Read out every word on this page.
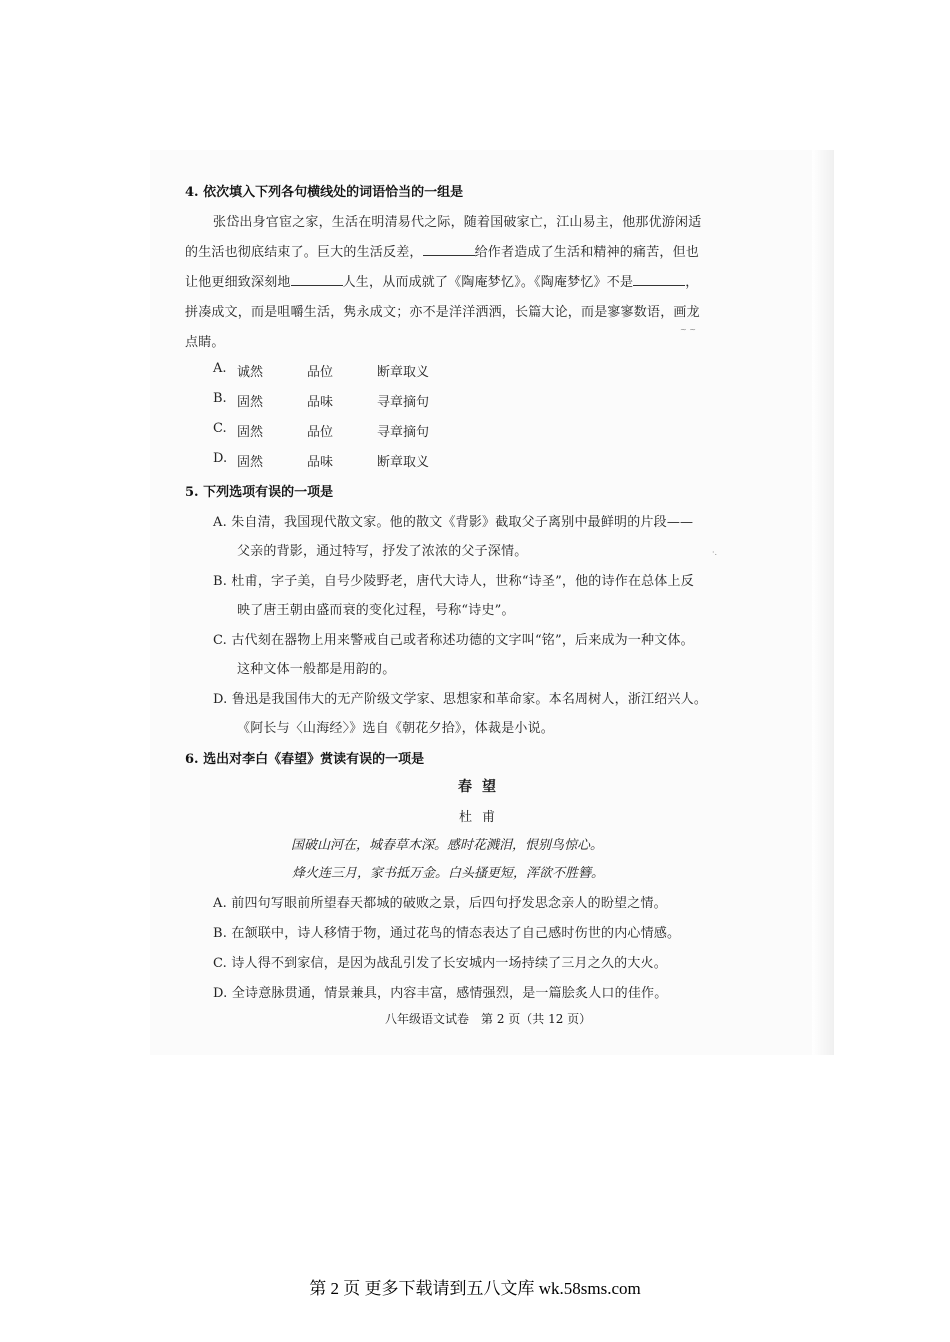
4. 依次填入下列各句横线处的词语恰当的一组是
张岱出身官宦之家，生活在明清易代之际，随着国破家亡，江山易主，他那优游闲适
的生活也彻底结束了。巨大的生活反差，	给作者造成了生活和精神的痛苦，但也
让他更细致深刻地	人生，从而成就了《陶庵梦忆》。《陶庵梦忆》不是	，
拼凑成文，而是咀嚼生活，隽永成文；亦不是洋洋洒洒，长篇大论，而是寥寥数语，画龙
点睛。
A. 诚然	品位	断章取义
B. 固然	品味	寻章摘句
C. 固然	品位	寻章摘句
D. 固然	品味	断章取义
5. 下列选项有误的一项是
A. 朱自清，我国现代散文家。他的散文《背影》截取父子离别中最鲜明的片段——
父亲的背影，通过特写，抒发了浓浓的父子深情。
B. 杜甫，字子美，自号少陵野老，唐代大诗人，世称“诗圣”，他的诗作在总体上反
映了唐王朝由盛而衰的变化过程，号称“诗史”。
C. 古代刻在器物上用来警戒自己或者称述功德的文字叫“铭”，后来成为一种文体。
这种文体一般都是用韵的。
D. 鲁迅是我国伟大的无产阶级文学家、思想家和革命家。本名周树人，浙江绍兴人。
《阿长与〈山海经〉》选自《朝花夕拾》，体裁是小说。
6. 选出对李白《春望》赏读有误的一项是
春望
杜甫
国破山河在，城春草木深。感时花溅泪，恨别鸟惊心。
烽火连三月，家书抵万金。白头搔更短，浑欲不胜簪。
A. 前四句写眼前所望春天都城的破败之景，后四句抒发思念亲人的盼望之情。
B. 在颔联中，诗人移情于物，通过花鸟的情态表达了自己感时伤世的内心情感。
C. 诗人得不到家信，是因为战乱引发了长安城内一场持续了三月之久的大火。
D. 全诗意脉贯通，情景兼具，内容丰富，感情强烈，是一篇脍炙人口的佳作。
八年级语文试卷　第 2 页（共 12 页）
~ ~
·.
第 2 页 更多下载请到五八文库 wk.58sms.com
